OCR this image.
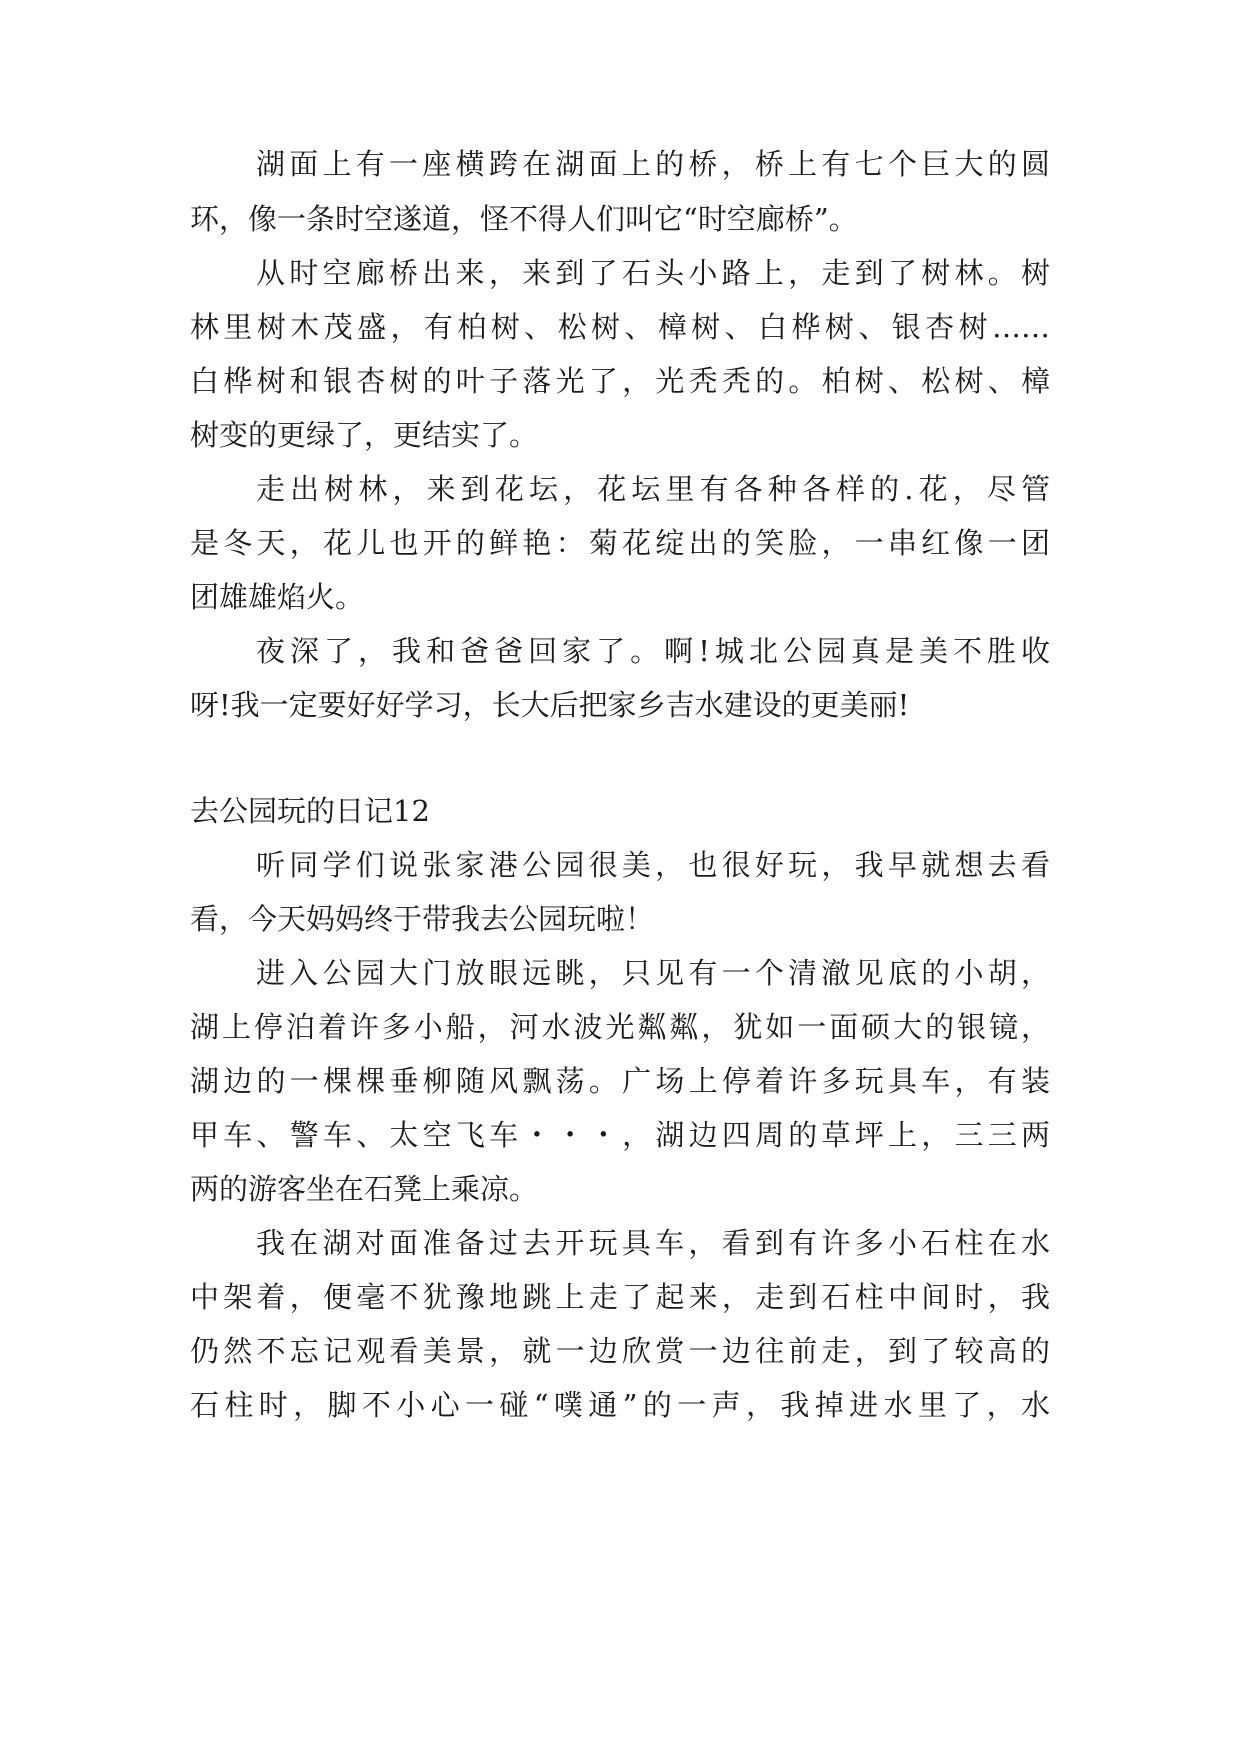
湖面上有一座横跨在湖面上的桥，桥上有七个巨大的圆
环，像一条时空遂道，怪不得人们叫它“时空廊桥”。
从时空廊桥出来，来到了石头小路上，走到了树林。树
林里树木茂盛，有柏树、松树、樟树、白桦树、银杏树……
白桦树和银杏树的叶子落光了，光秃秃的。柏树、松树、樟
树变的更绿了，更结实了。
走出树林，来到花坛，花坛里有各种各样的.花，尽管
是冬天，花儿也开的鲜艳：菊花绽出的笑脸，一串红像一团
团雄雄焰火。
夜深了，我和爸爸回家了。啊!城北公园真是美不胜收
呀!我一定要好好学习，长大后把家乡吉水建设的更美丽!
去公园玩的日记12
听同学们说张家港公园很美，也很好玩，我早就想去看
看，今天妈妈终于带我去公园玩啦！
进入公园大门放眼远眺，只见有一个清澈见底的小胡，
湖上停泊着许多小船，河水波光粼粼，犹如一面硕大的银镜，
湖边的一棵棵垂柳随风飘荡。广场上停着许多玩具车，有装
甲车、警车、太空飞车・・・，湖边四周的草坪上，三三两
两的游客坐在石凳上乘凉。
我在湖对面准备过去开玩具车，看到有许多小石柱在水
中架着，便毫不犹豫地跳上走了起来，走到石柱中间时，我
仍然不忘记观看美景，就一边欣赏一边往前走，到了较高的
石柱时，脚不小心一碰“噗通”的一声，我掉进水里了，水
